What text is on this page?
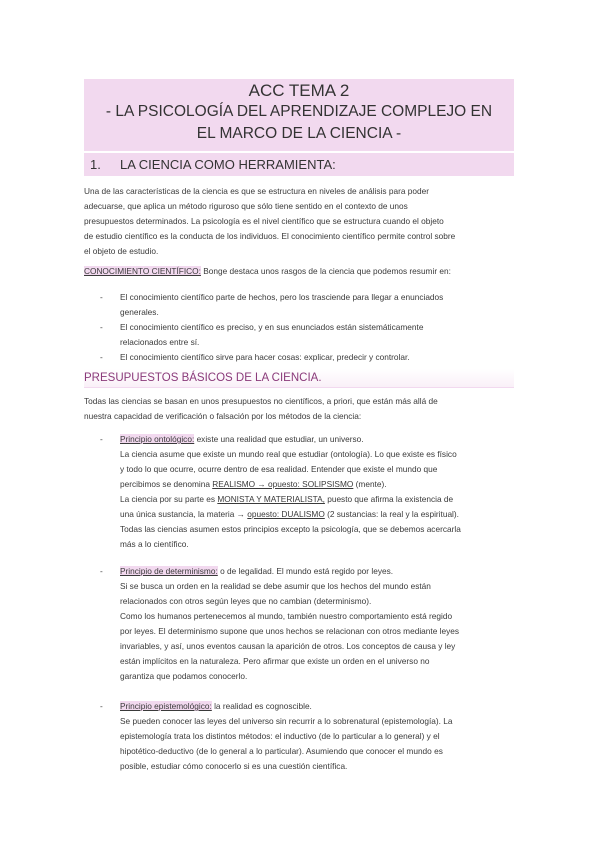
ACC TEMA 2
- LA PSICOLOGÍA DEL APRENDIZAJE COMPLEJO EN
EL MARCO DE LA CIENCIA -
1. LA CIENCIA COMO HERRAMIENTA:
Una de las características de la ciencia es que se estructura en niveles de análisis para poder
adecuarse, que aplica un método riguroso que sólo tiene sentido en el contexto de unos
presupuestos determinados. La psicología es el nivel científico que se estructura cuando el objeto
de estudio científico es la conducta de los individuos. El conocimiento científico permite control sobre
el objeto de estudio.
CONOCIMIENTO CIENTÍFICO: Bonge destaca unos rasgos de la ciencia que podemos resumir en:
- El conocimiento científico parte de hechos, pero los trasciende para llegar a enunciados
generales.
- El conocimiento científico es preciso, y en sus enunciados están sistemáticamente
relacionados entre sí.
- El conocimiento científico sirve para hacer cosas: explicar, predecir y controlar.
PRESUPUESTOS BÁSICOS DE LA CIENCIA.
Todas las ciencias se basan en unos presupuestos no científicos, a priori, que están más allá de
nuestra capacidad de verificación o falsación por los métodos de la ciencia:
- Principio ontológico: existe una realidad que estudiar, un universo.
La ciencia asume que existe un mundo real que estudiar (ontología). Lo que existe es físico
y todo lo que ocurre, ocurre dentro de esa realidad. Entender que existe el mundo que
percibimos se denomina REALISMO → opuesto: SOLIPSISMO (mente).
La ciencia por su parte es MONISTA Y MATERIALISTA, puesto que afirma la existencia de
una única sustancia, la materia → opuesto: DUALISMO (2 sustancias: la real y la espiritual).
Todas las ciencias asumen estos principios excepto la psicología, que se debemos acercarla
más a lo científico.
- Principio de determinismo: o de legalidad. El mundo está regido por leyes.
Si se busca un orden en la realidad se debe asumir que los hechos del mundo están
relacionados con otros según leyes que no cambian (determinismo).
Como los humanos pertenecemos al mundo, también nuestro comportamiento está regido
por leyes. El determinismo supone que unos hechos se relacionan con otros mediante leyes
invariables, y así, unos eventos causan la aparición de otros. Los conceptos de causa y ley
están implícitos en la naturaleza. Pero afirmar que existe un orden en el universo no
garantiza que podamos conocerlo.
- Principio epistemológico: la realidad es cognoscible.
Se pueden conocer las leyes del universo sin recurrir a lo sobrenatural (epistemología). La
epistemología trata los distintos métodos: el inductivo (de lo particular a lo general) y el
hipotético-deductivo (de lo general a lo particular). Asumiendo que conocer el mundo es
posible, estudiar cómo conocerlo si es una cuestión científica.
